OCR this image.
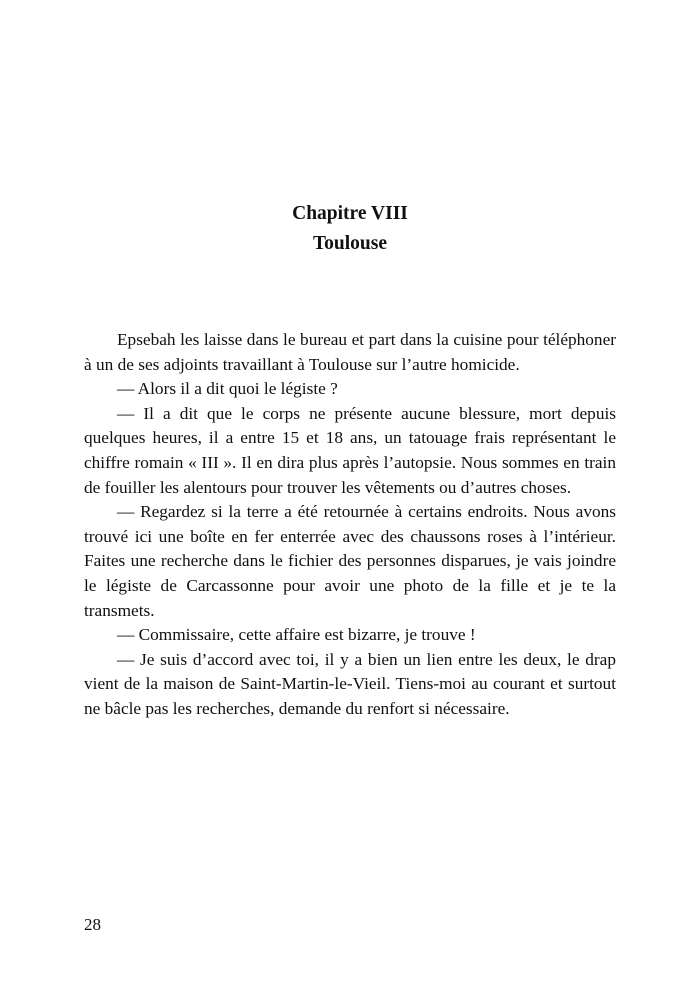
Chapitre VIII
Toulouse

Epsebah les laisse dans le bureau et part dans la cuisine pour téléphoner à un de ses adjoints travaillant à Toulouse sur l’autre homicide.

— Alors il a dit quoi le légiste ?

— Il a dit que le corps ne présente aucune blessure, mort depuis quelques heures, il a entre 15 et 18 ans, un tatouage frais représentant le chiffre romain « III ». Il en dira plus après l’autopsie. Nous sommes en train de fouiller les alentours pour trouver les vêtements ou d’autres choses.

— Regardez si la terre a été retournée à certains endroits. Nous avons trouvé ici une boîte en fer enterrée avec des chaussons roses à l’intérieur. Faites une recherche dans le fichier des personnes disparues, je vais joindre le légiste de Carcassonne pour avoir une photo de la fille et je te la transmets.

— Commissaire, cette affaire est bizarre, je trouve !

— Je suis d’accord avec toi, il y a bien un lien entre les deux, le drap vient de la maison de Saint-Martin-le-Vieil. Tiens-moi au courant et surtout ne bâcle pas les recherches, demande du renfort si nécessaire.

28
